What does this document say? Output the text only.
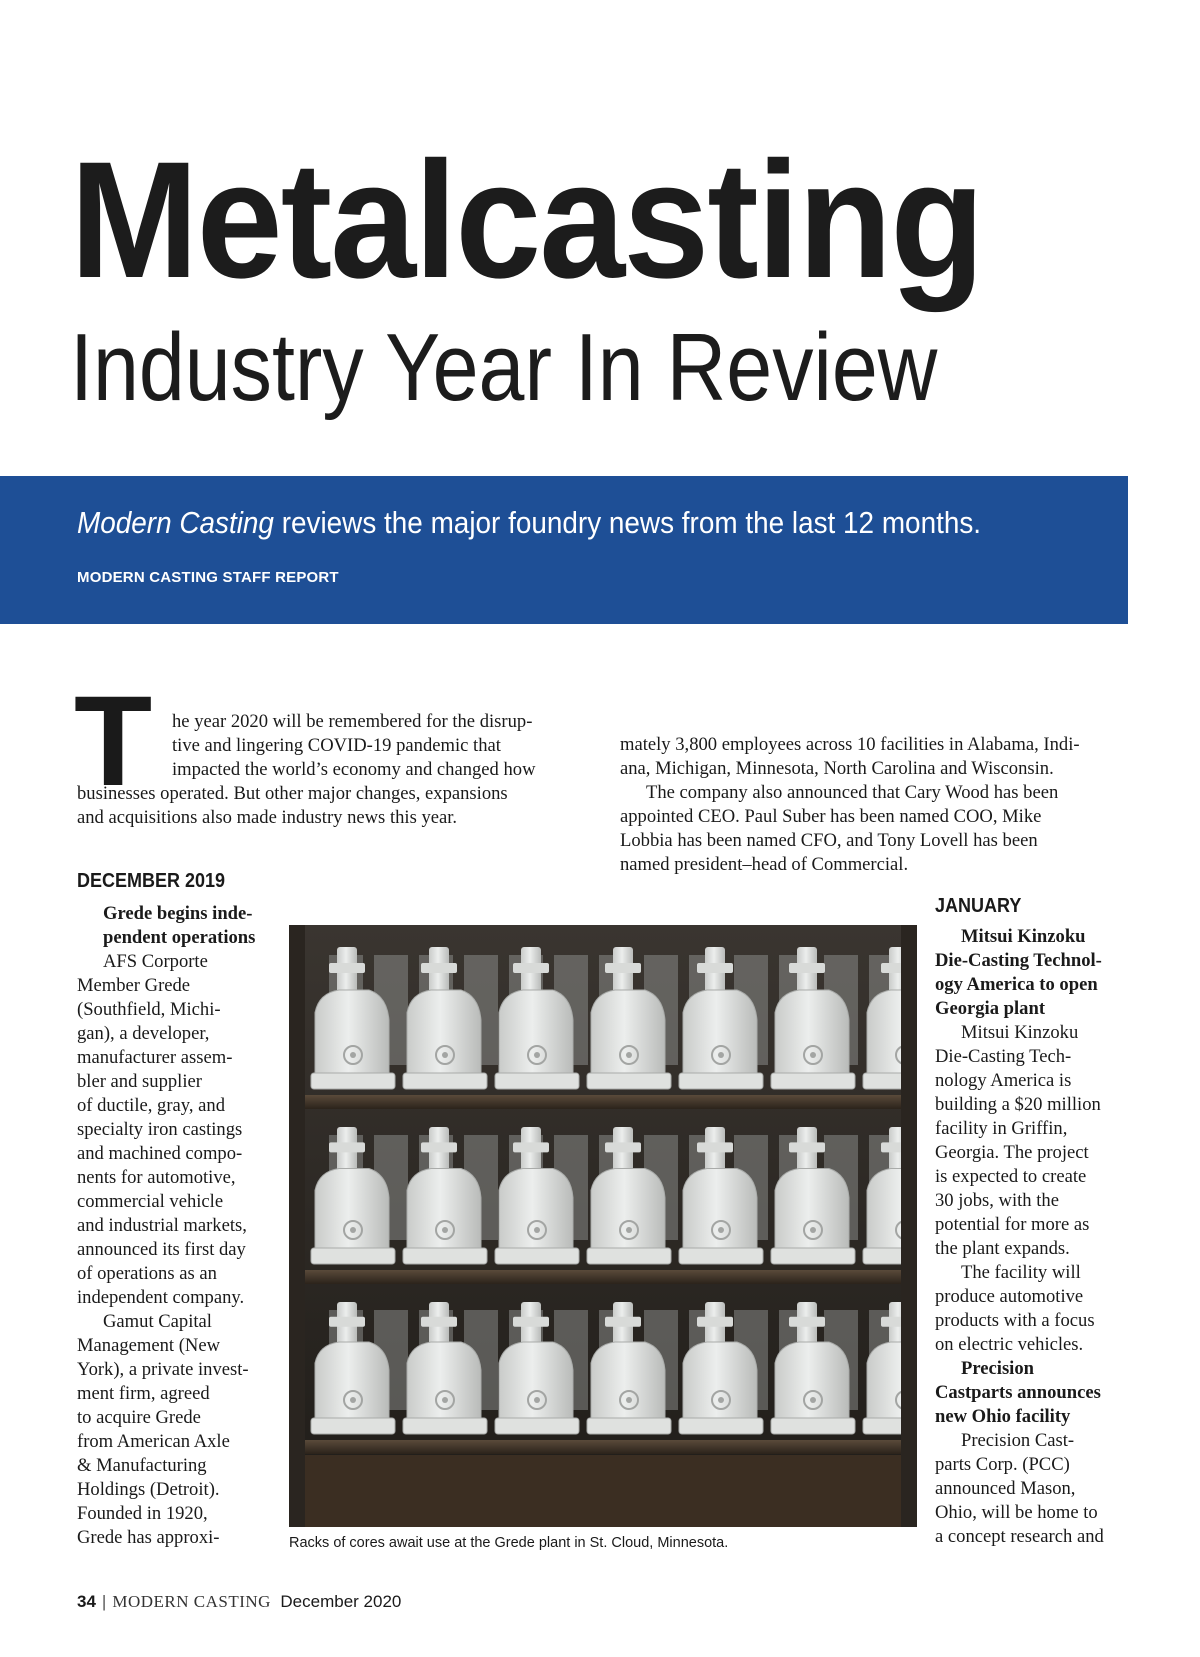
Metalcasting
Industry Year In Review
Modern Casting reviews the major foundry news from the last 12 months.
MODERN CASTING STAFF REPORT
T	he year 2020 will be remembered for the disrup-
tive and lingering COVID-19 pandemic that
impacted the world’s economy and changed how
businesses operated. But other major changes, expansions
and acquisitions also made industry news this year.
mately 3,800 employees across 10 facilities in Alabama, Indi-
ana, Michigan, Minnesota, North Carolina and Wisconsin.
The company also announced that Cary Wood has been
appointed CEO. Paul Suber has been named COO, Mike
Lobbia has been named CFO, and Tony Lovell has been
named president–head of Commercial.
DECEMBER 2019
Grede begins inde-
pendent operations
AFS Corporte
Member Grede
(Southfield, Michi-
gan), a developer,
manufacturer assem-
bler and supplier
of ductile, gray, and
specialty iron castings
and machined compo-
nents for automotive,
commercial vehicle
and industrial markets,
announced its first day
of operations as an
independent company.
Gamut Capital
Management (New
York), a private invest-
ment firm, agreed
to acquire Grede
from American Axle
& Manufacturing
Holdings (Detroit).
Founded in 1920,
Grede has approxi-
JANUARY
Mitsui Kinzoku
Die-Casting Technol-
ogy America to open
Georgia plant
Mitsui Kinzoku
Die-Casting Tech-
nology America is
building a $20 million
facility in Griffin,
Georgia. The project
is expected to create
30 jobs, with the
potential for more as
the plant expands.
The facility will
produce automotive
products with a focus
on electric vehicles.
Precision
Castparts announces
new Ohio facility
Precision Cast-
parts Corp. (PCC)
announced Mason,
Ohio, will be home to
a concept research and
Racks of cores await use at the Grede plant in St. Cloud, Minnesota.
34 | MODERN CASTING December 2020
